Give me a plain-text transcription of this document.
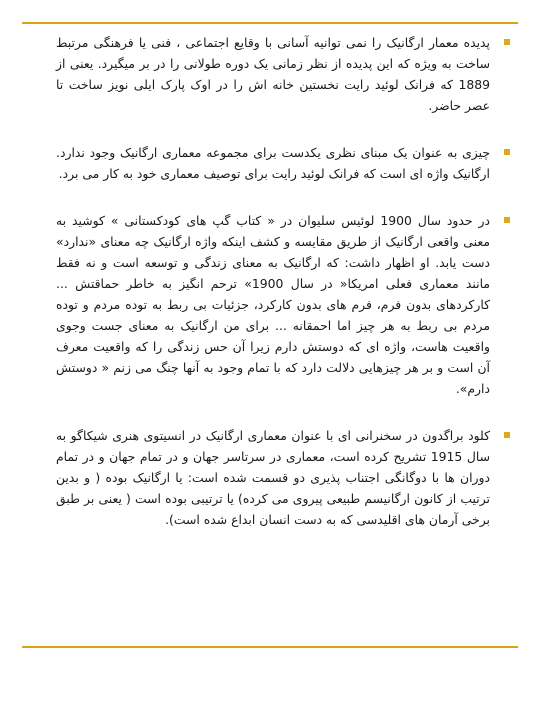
پدیده معمار ارگانیک را نمی توانیه آسانی با وقایع اجتماعی ، فنی یا فرهنگی مرتبط ساخت به ویژه که این پدیده از نظر زمانی یک دوره طولانی را در بر میگیرد. یعنی از 1889 که فرانک لوئید رایت نخستین خانه اش را در اوک پارک ایلی نویز ساخت تا عصر حاضر.

چیزی به عنوان یک مبنای نظری یکدست برای مجموعه معماری ارگانیک وجود ندارد. ارگانیک واژه ای است که فرانک لوئید رایت برای توصیف معماری خود به کار می برد.

در حدود سال 1900 لوئیس سلیوان در « کتاب گپ های کودکستانی » کوشید به معنی واقعی ارگانیک از طریق مقایسه و کشف اینکه واژه ارگانیک چه معنای «ندارد» دست یابد. او اظهار داشت: که ارگانیک به معنای زندگی و توسعه است و نه فقط مانند معماری فعلی امریکا« در سال 1900» ترحم انگیز به خاطر حماقتش ... کارکردهای بدون فرم، فرم های بدون کارکرد، جزئیات بی ربط به توده مردم و توده مردم بی ربط به هر چیز اما احمقانه ... برای من ارگانیک به معنای جست وجوی واقعیت هاست، واژه ای که دوستش دارم زیرا آن حس زندگی را که واقعیت معرف آن است و بر هر چیزهایی دلالت دارد که با تمام وجود به آنها چنگ می زنم « دوستش دارم».

کلود براگدون در سخنرانی ای با عنوان معماری ارگانیک در انسیتوی هنری شیکاگو به سال 1915 تشریح کرده است، معماری در سرتاسر جهان و در تمام جهان و در تمام دوران ها با دوگانگی اجتناب پذیری دو قسمت شده است: یا ارگانیک بوده ( و بدین ترتیب از کانون ارگانیسم طبیعی پیروی می کرده) یا ترتیبی بوده است ( یعنی بر طبق برخی آرمان های اقلیدسی که به دست انسان ابداع شده است).
